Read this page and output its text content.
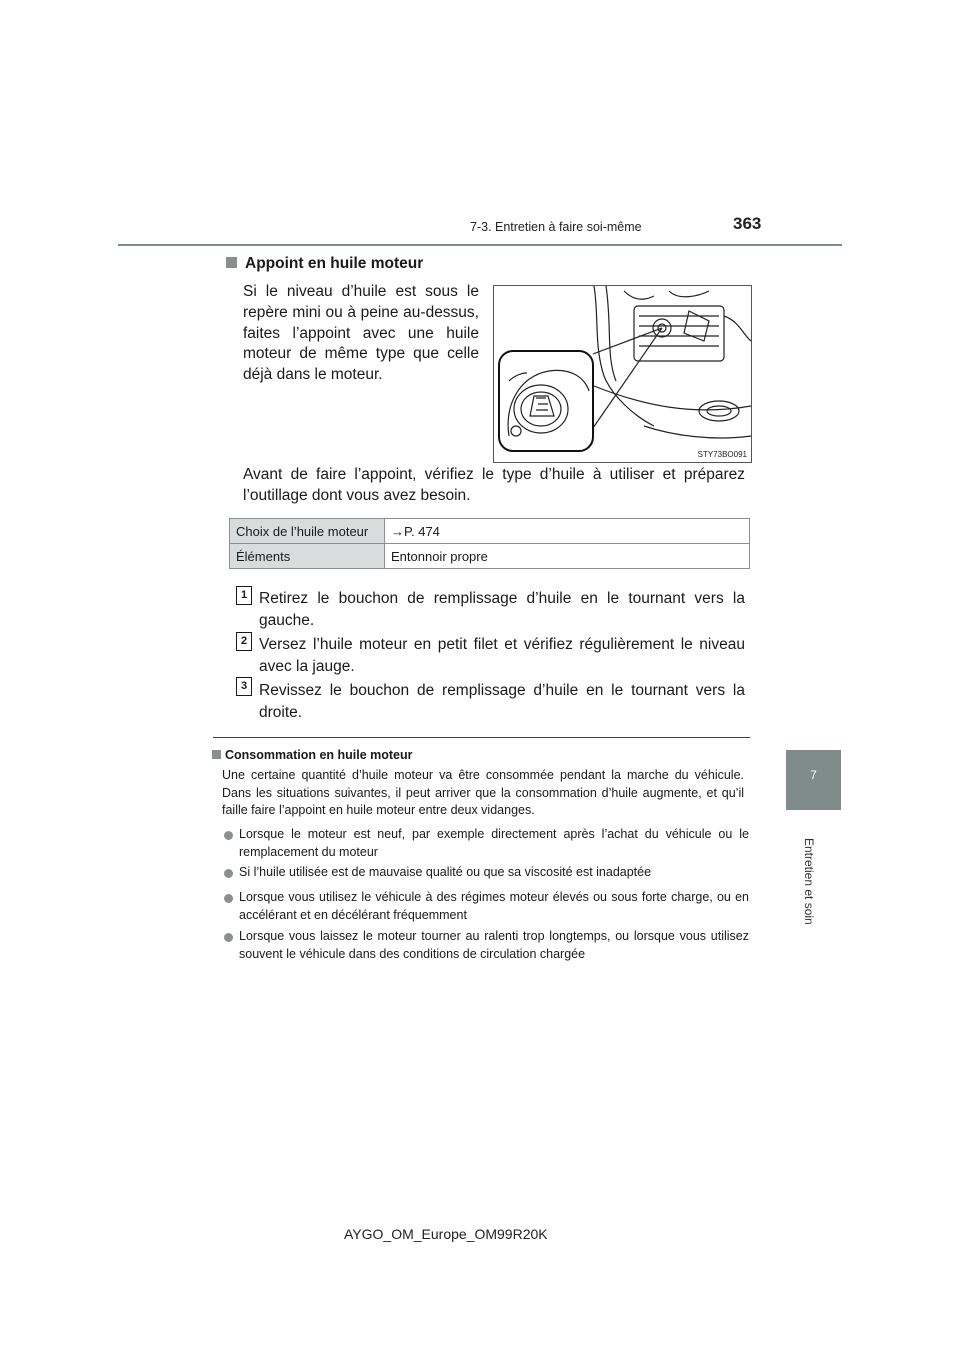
7-3. Entretien à faire soi-même	363
7
Entretien et soin
Appoint en huile moteur
Si le niveau d’huile est sous le repère mini ou à peine au-dessus, faites l’appoint avec une huile moteur de même type que celle déjà dans le moteur.
STY73BO091
Avant de faire l’appoint, vérifiez le type d’huile à utiliser et préparez l’outillage dont vous avez besoin.
Choix de l’huile moteur	→P. 474
Éléments	Entonnoir propre
1 Retirez le bouchon de remplissage d’huile en le tournant vers la gauche.
2 Versez l’huile moteur en petit filet et vérifiez régulièrement le niveau avec la jauge.
3 Revissez le bouchon de remplissage d’huile en le tournant vers la droite.
Consommation en huile moteur
Une certaine quantité d’huile moteur va être consommée pendant la marche du véhicule. Dans les situations suivantes, il peut arriver que la consommation d’huile augmente, et qu’il faille faire l’appoint en huile moteur entre deux vidanges.
Lorsque le moteur est neuf, par exemple directement après l’achat du véhicule ou le remplacement du moteur
Si l’huile utilisée est de mauvaise qualité ou que sa viscosité est inadaptée
Lorsque vous utilisez le véhicule à des régimes moteur élevés ou sous forte charge, ou en accélérant et en décélérant fréquemment
Lorsque vous laissez le moteur tourner au ralenti trop longtemps, ou lorsque vous utilisez souvent le véhicule dans des conditions de circulation chargée
AYGO_OM_Europe_OM99R20K
